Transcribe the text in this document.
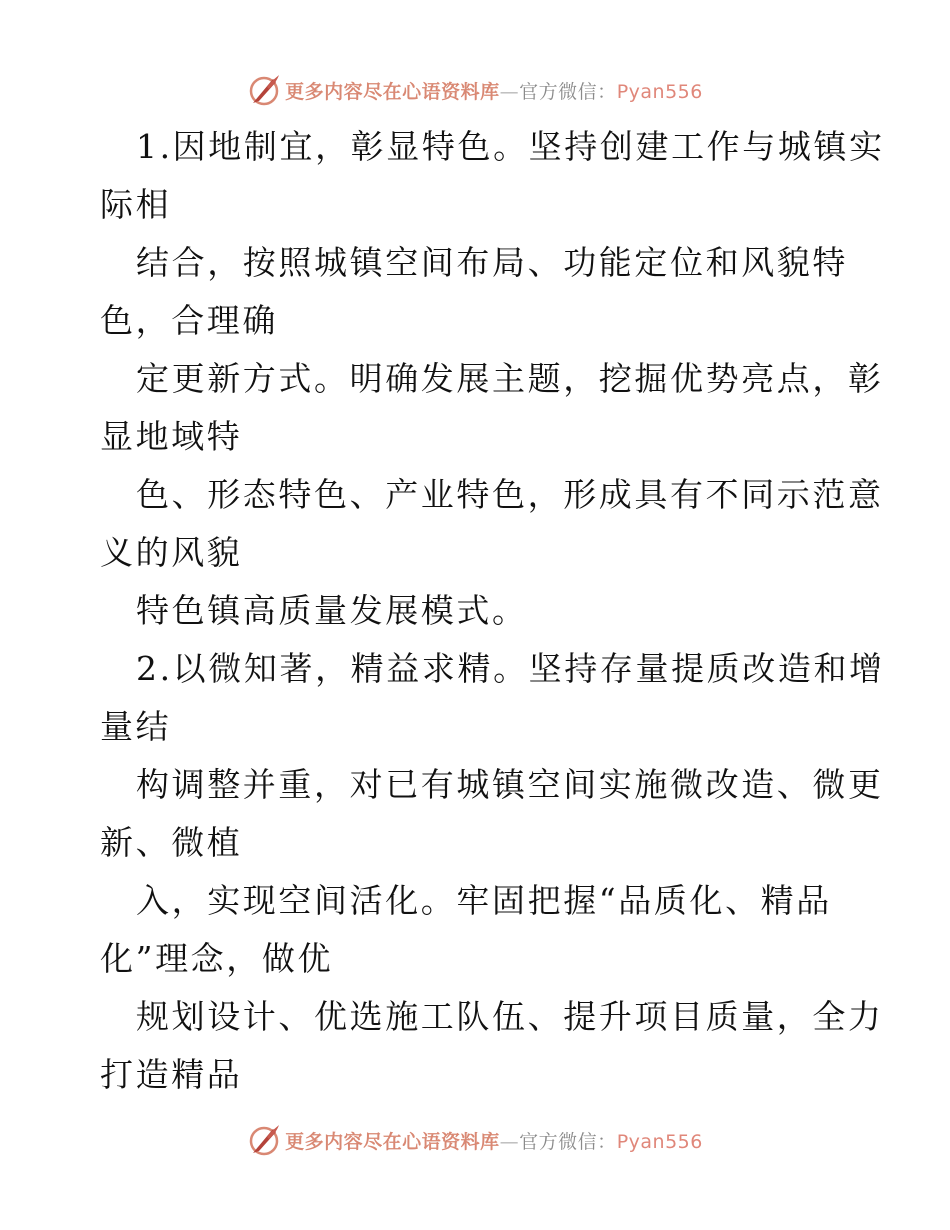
更多内容尽在心语资料库—官方微信：Pyan556
1.因地制宜，彰显特色。坚持创建工作与城镇实
际相
结合，按照城镇空间布局、功能定位和风貌特
色，合理确
定更新方式。明确发展主题，挖掘优势亮点，彰
显地域特
色、形态特色、产业特色，形成具有不同示范意
义的风貌
特色镇高质量发展模式。
2.以微知著，精益求精。坚持存量提质改造和增
量结
构调整并重，对已有城镇空间实施微改造、微更
新、微植
入，实现空间活化。牢固把握“品质化、精品
化”理念，做优
规划设计、优选施工队伍、提升项目质量，全力
打造精品
更多内容尽在心语资料库—官方微信：Pyan556
